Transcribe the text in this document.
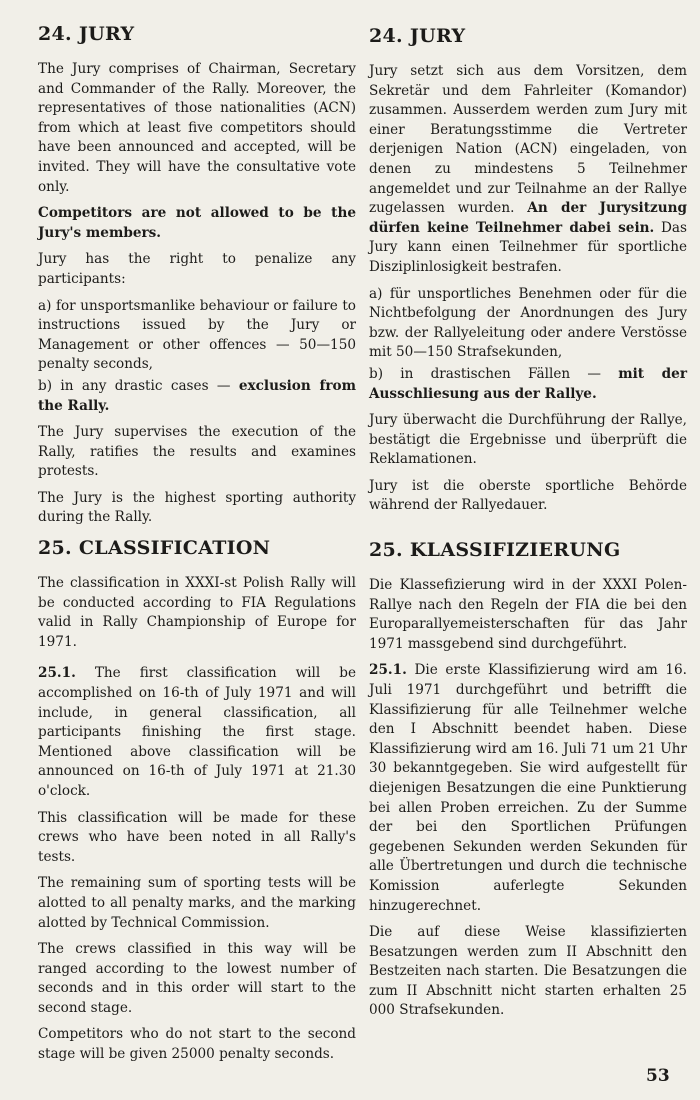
24. JURY

The Jury comprises of Chairman, Secretary and Commander of the Rally. Moreover, the representatives of those nationalities (ACN) from which at least five competitors should have been announced and accepted, will be invited. They will have the consultative vote only.

Competitors are not allowed to be the Jury's members.

Jury has the right to penalize any participants:

a) for unsportsmanlike behaviour or failure to instructions issued by the Jury or Management or other offences — 50—150 penalty seconds,

b) in any drastic cases — exclusion from the Rally.

The Jury supervises the execution of the Rally, ratifies the results and examines protests.

The Jury is the highest sporting authority during the Rally.

25. CLASSIFICATION

The classification in XXXI-st Polish Rally will be conducted according to FIA Regulations valid in Rally Championship of Europe for 1971.

25.1. The first classification will be accomplished on 16-th of July 1971 and will include, in general classification, all participants finishing the first stage. Mentioned above classification will be announced on 16-th of July 1971 at 21.30 o'clock.

This classification will be made for these crews who have been noted in all Rally's tests.

The remaining sum of sporting tests will be alotted to all penalty marks, and the marking alotted by Technical Commission.

The crews classified in this way will be ranged according to the lowest number of seconds and in this order will start to the second stage.

Competitors who do not start to the second stage will be given 25000 penalty seconds.

24. JURY

Jury setzt sich aus dem Vorsitzen, dem Sekretär und dem Fahrleiter (Komandor) zusammen. Ausserdem werden zum Jury mit einer Beratungsstimme die Vertreter derjenigen Nation (ACN) eingeladen, von denen zu mindestens 5 Teilnehmer angemeldet und zur Teilnahme an der Rallye zugelassen wurden. An der Jurysitzung dürfen keine Teilnehmer dabei sein. Das Jury kann einen Teilnehmer für sportliche Disziplinlosigkeit bestrafen.

a) für unsportliches Benehmen oder für die Nichtbefolgung der Anordnungen des Jury bzw. der Rallyeleitung oder andere Verstösse mit 50—150 Strafsekunden,

b) in drastischen Fällen — mit der Ausschliesung aus der Rallye.

Jury überwacht die Durchführung der Rallye, bestätigt die Ergebnisse und überprüft die Reklamationen.

Jury ist die oberste sportliche Behörde während der Rallyedauer.

25. KLASSIFIZIERUNG

Die Klassefizierung wird in der XXXI Polen-Rallye nach den Regeln der FIA die bei den Europarallyemeisterschaften für das Jahr 1971 massgebend sind durchgeführt.

25.1. Die erste Klassifizierung wird am 16. Juli 1971 durchgeführt und betrifft die Klassifizierung für alle Teilnehmer welche den I Abschnitt beendet haben. Diese Klassifizierung wird am 16. Juli 71 um 21 Uhr 30 bekanntgegeben. Sie wird aufgestellt für diejenigen Besatzungen die eine Punktierung bei allen Proben erreichen. Zu der Summe der bei den Sportlichen Prüfungen gegebenen Sekunden werden Sekunden für alle Übertretungen und durch die technische Komission auferlegte Sekunden hinzugerechnet.

Die auf diese Weise klassifizierten Besatzungen werden zum II Abschnitt den Bestzeiten nach starten. Die Besatzungen die zum II Abschnitt nicht starten erhalten 25 000 Strafsekunden.

53
